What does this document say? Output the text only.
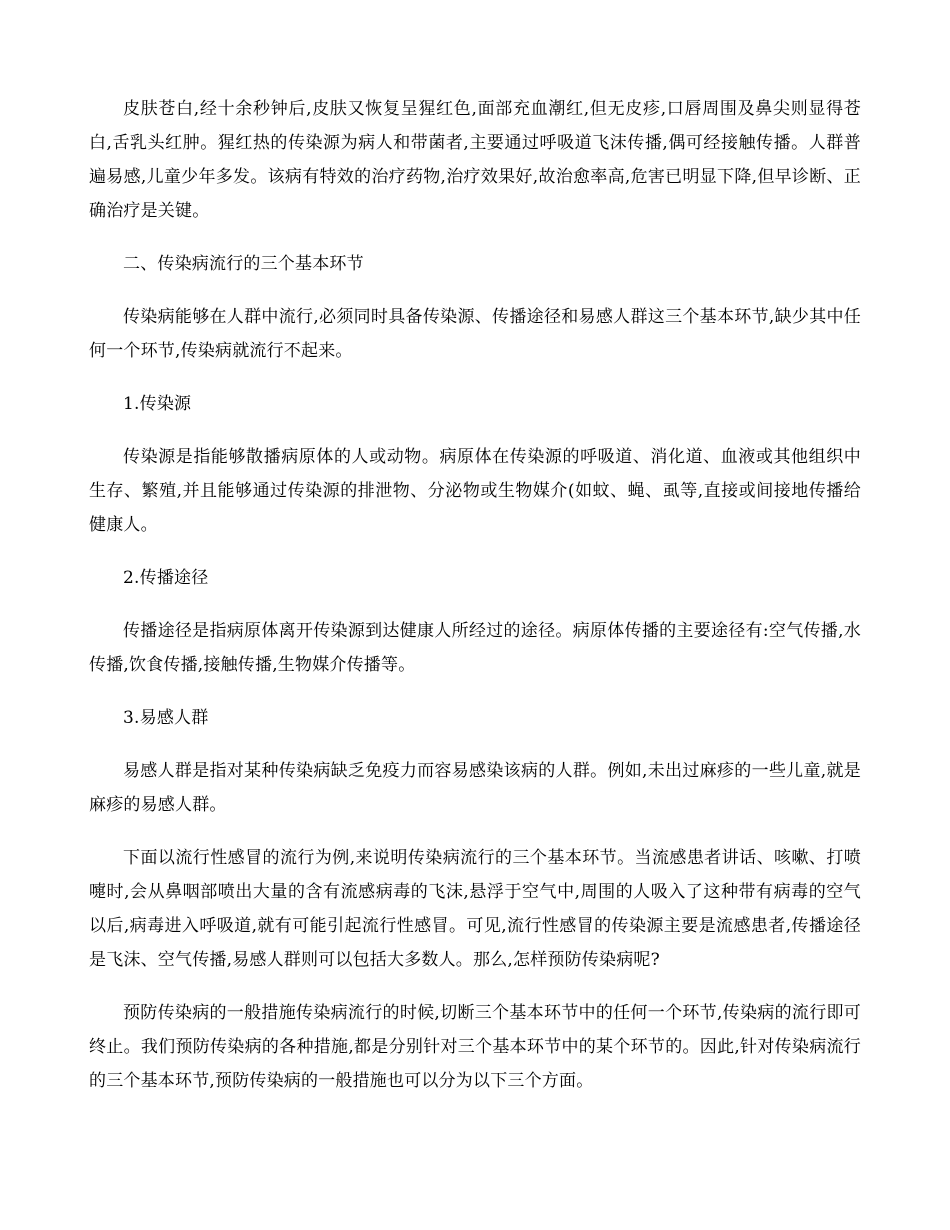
皮肤苍白,经十余秒钟后,皮肤又恢复呈猩红色,面部充血潮红,但无皮疹,口唇周围及鼻尖则显得苍白,舌乳头红肿。猩红热的传染源为病人和带菌者,主要通过呼吸道飞沫传播,偶可经接触传播。人群普遍易感,儿童少年多发。该病有特效的治疗药物,治疗效果好,故治愈率高,危害已明显下降,但早诊断、正确治疗是关键。

二、传染病流行的三个基本环节

传染病能够在人群中流行,必须同时具备传染源、传播途径和易感人群这三个基本环节,缺少其中任何一个环节,传染病就流行不起来。

1.传染源

传染源是指能够散播病原体的人或动物。病原体在传染源的呼吸道、消化道、血液或其他组织中生存、繁殖,并且能够通过传染源的排泄物、分泌物或生物媒介(如蚊、蝇、虱等,直接或间接地传播给健康人。

2.传播途径

传播途径是指病原体离开传染源到达健康人所经过的途径。病原体传播的主要途径有:空气传播,水传播,饮食传播,接触传播,生物媒介传播等。

3.易感人群

易感人群是指对某种传染病缺乏免疫力而容易感染该病的人群。例如,未出过麻疹的一些儿童,就是麻疹的易感人群。

下面以流行性感冒的流行为例,来说明传染病流行的三个基本环节。当流感患者讲话、咳嗽、打喷嚏时,会从鼻咽部喷出大量的含有流感病毒的飞沫,悬浮于空气中,周围的人吸入了这种带有病毒的空气以后,病毒进入呼吸道,就有可能引起流行性感冒。可见,流行性感冒的传染源主要是流感患者,传播途径是飞沫、空气传播,易感人群则可以包括大多数人。那么,怎样预防传染病呢?

预防传染病的一般措施传染病流行的时候,切断三个基本环节中的任何一个环节,传染病的流行即可终止。我们预防传染病的各种措施,都是分别针对三个基本环节中的某个环节的。因此,针对传染病流行的三个基本环节,预防传染病的一般措施也可以分为以下三个方面。
